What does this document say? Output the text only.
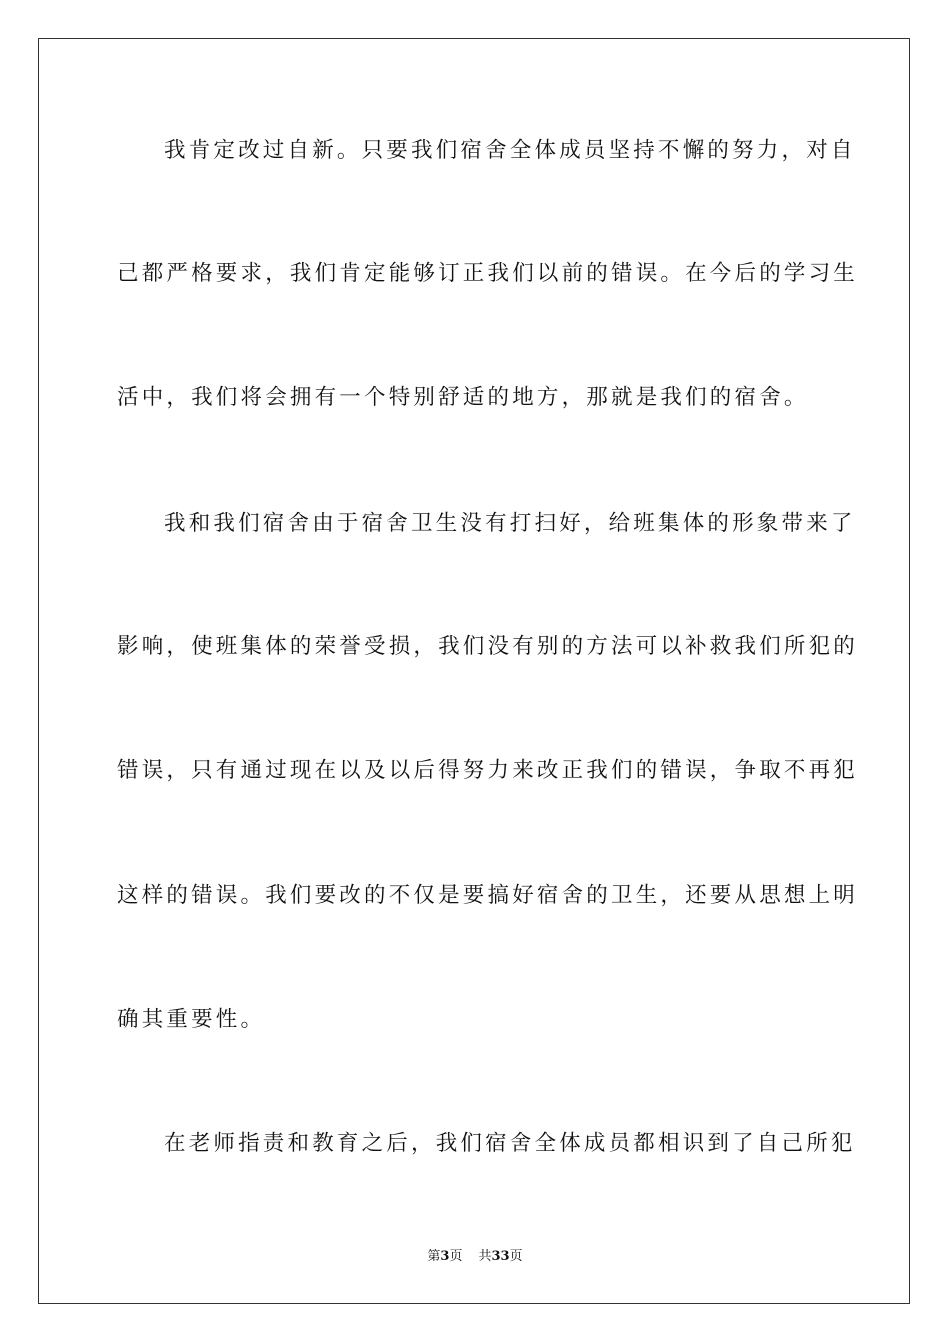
我肯定改过自新。只要我们宿舍全体成员坚持不懈的努力，对自
己都严格要求，我们肯定能够订正我们以前的错误。在今后的学习生
活中，我们将会拥有一个特别舒适的地方，那就是我们的宿舍。
我和我们宿舍由于宿舍卫生没有打扫好，给班集体的形象带来了
影响，使班集体的荣誉受损，我们没有别的方法可以补救我们所犯的
错误，只有通过现在以及以后得努力来改正我们的错误，争取不再犯
这样的错误。我们要改的不仅是要搞好宿舍的卫生，还要从思想上明
确其重要性。
在老师指责和教育之后，我们宿舍全体成员都相识到了自己所犯
第3页 共33页
